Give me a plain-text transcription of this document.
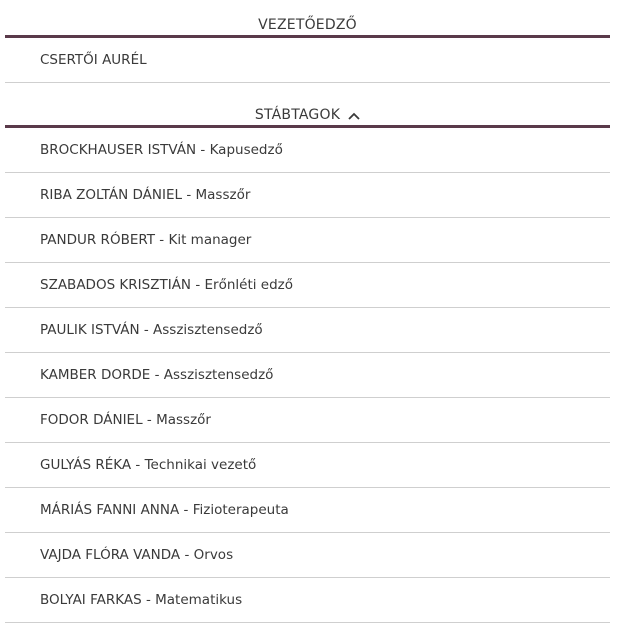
VEZETŐEDZŐ
CSERTŐI AURÉL
STÁBTAGOK
BROCKHAUSER ISTVÁN - Kapusedző
RIBA ZOLTÁN DÁNIEL - Masszőr
PANDUR RÓBERT - Kit manager
SZABADOS KRISZTIÁN - Erőnléti edző
PAULIK ISTVÁN - Asszisztensedző
KAMBER DORDE - Asszisztensedző
FODOR DÁNIEL - Masszőr
GULYÁS RÉKA - Technikai vezető
MÁRIÁS FANNI ANNA - Fizioterapeuta
VAJDA FLÓRA VANDA - Orvos
BOLYAI FARKAS - Matematikus
